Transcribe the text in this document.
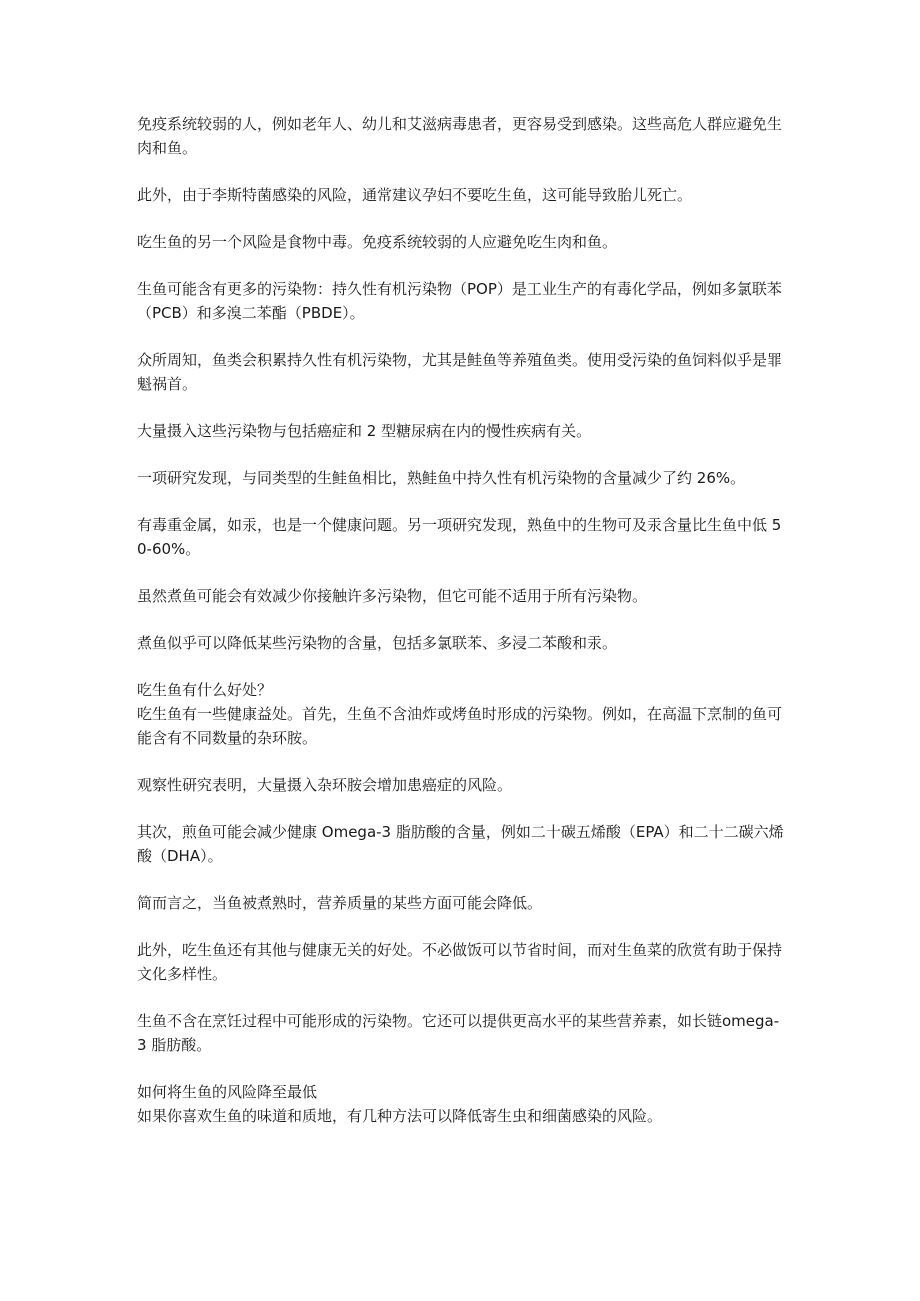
免疫系统较弱的人，例如老年人、幼儿和艾滋病毒患者，更容易受到感染。这些高危人群应避免生肉和鱼。

此外，由于李斯特菌感染的风险，通常建议孕妇不要吃生鱼，这可能导致胎儿死亡。

吃生鱼的另一个风险是食物中毒。免疫系统较弱的人应避免吃生肉和鱼。

生鱼可能含有更多的污染物：持久性有机污染物（POP）是工业生产的有毒化学品，例如多氯联苯（PCB）和多溴二苯酯（PBDE）。

众所周知，鱼类会积累持久性有机污染物，尤其是鲑鱼等养殖鱼类。使用受污染的鱼饲料似乎是罪魁祸首。

大量摄入这些污染物与包括癌症和 2 型糖尿病在内的慢性疾病有关。

一项研究发现，与同类型的生鲑鱼相比，熟鲑鱼中持久性有机污染物的含量减少了约 26%。

有毒重金属，如汞，也是一个健康问题。另一项研究发现，熟鱼中的生物可及汞含量比生鱼中低 50-60%。

虽然煮鱼可能会有效减少你接触许多污染物，但它可能不适用于所有污染物。

煮鱼似乎可以降低某些污染物的含量，包括多氯联苯、多浸二苯酸和汞。

吃生鱼有什么好处？

吃生鱼有一些健康益处。首先，生鱼不含油炸或烤鱼时形成的污染物。例如，在高温下烹制的鱼可能含有不同数量的杂环胺。

观察性研究表明，大量摄入杂环胺会增加患癌症的风险。

其次，煎鱼可能会减少健康 Omega-3 脂肪酸的含量，例如二十碳五烯酸（EPA）和二十二碳六烯酸（DHA）。

简而言之，当鱼被煮熟时，营养质量的某些方面可能会降低。

此外，吃生鱼还有其他与健康无关的好处。不必做饭可以节省时间，而对生鱼菜的欣赏有助于保持文化多样性。

生鱼不含在烹饪过程中可能形成的污染物。它还可以提供更高水平的某些营养素，如长链omega-3 脂肪酸。

如何将生鱼的风险降至最低

如果你喜欢生鱼的味道和质地，有几种方法可以降低寄生虫和细菌感染的风险。
